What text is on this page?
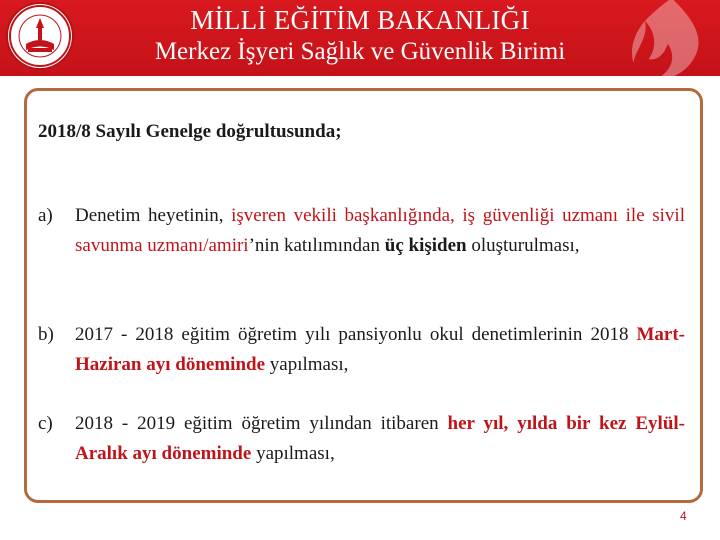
MİLLİ EĞİTİM BAKANLIĞI
Merkez İşyeri Sağlık ve Güvenlik Birimi
2018/8 Sayılı Genelge doğrultusunda;
a)	Denetim heyetinin, işveren vekili başkanlığında, iş güvenliği uzmanı ile sivil savunma uzmanı/amiri’nin katılımından üç kişiden oluşturulması,
b)	2017 - 2018 eğitim öğretim yılı pansiyonlu okul denetimlerinin 2018 Mart-Haziran ayı döneminde yapılması,
c)	2018 - 2019 eğitim öğretim yılından itibaren her yıl, yılda bir kez Eylül-Aralık ayı döneminde yapılması,
4
